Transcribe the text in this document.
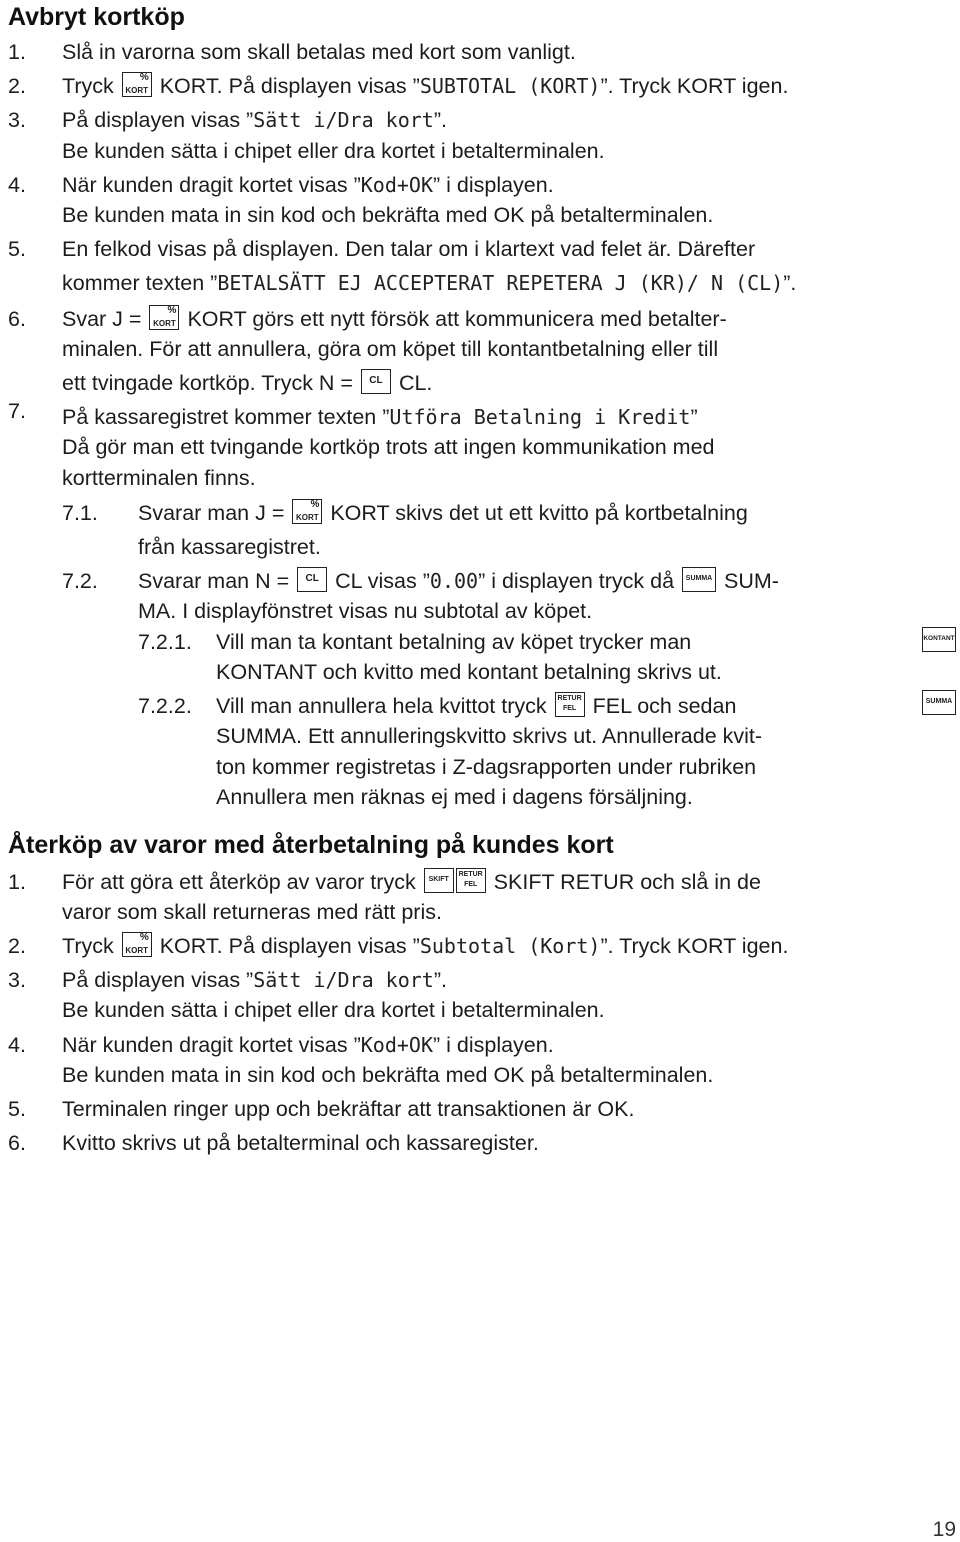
Avbryt kortköp
1. Slå in varorna som skall betalas med kort som vanligt.
2. Tryck	%
KORT KORT. På displayen visas ”SUBTOTAL (KORT)”. Tryck KORT igen.
3. På displayen visas ”Sätt i/Dra kort”.
Be kunden sätta i chipet eller dra kortet i betalterminalen.
4. När kunden dragit kortet visas ”Kod+OK” i displayen.
Be kunden mata in sin kod och bekräfta med OK på betalterminalen.
5. En felkod visas på displayen. Den talar om i klartext vad felet är. Därefter
kommer texten ”BETALSÄTT EJ ACCEPTERAT REPETERA J (KR)/ N (CL)”.
6. Svar J =	%
KORT KORT görs ett nytt försök att kommunicera med betalter-
minalen. För att annullera, göra om köpet till kontantbetalning eller till
ett tvingade kortköp. Tryck N =	CL CL.
7. På kassaregistret kommer texten ”Utföra Betalning i Kredit”
Då gör man ett tvingande kortköp trots att ingen kommunikation med
kortterminalen finns.
7.1. Svarar man J =	%
KORT KORT skivs det ut ett kvitto på kortbetalning
från kassaregistret.
7.2. Svarar man N =	CL CL visas ”0.00” i displayen tryck då	SUMMA SUM-
MA. I displayfönstret visas nu subtotal av köpet.
7.2.1. Vill man ta kontant betalning av köpet trycker man	KONTANT
KONTANT och kvitto med kontant betalning skrivs ut.
7.2.2. Vill man annullera hela kvittot tryck RETUR
FEL FEL och sedan	SUMMA
SUMMA. Ett annulleringskvitto skrivs ut. Annullerade kvit-
ton kommer registretas i Z-dagsrapporten under rubriken
Annullera men räknas ej med i dagens försäljning.
Återköp av varor med återbetalning på kundes kort
1. För att göra ett återköp av varor tryck	SKIFT
RETUR
FEL SKIFT RETUR och slå in de
varor som skall returneras med rätt pris.
2. Tryck	%
KORT KORT. På displayen visas ”Subtotal (Kort)”. Tryck KORT igen.
3. På displayen visas ”Sätt i/Dra kort”.
Be kunden sätta i chipet eller dra kortet i betalterminalen.
4. När kunden dragit kortet visas ”Kod+OK” i displayen.
Be kunden mata in sin kod och bekräfta med OK på betalterminalen.
5. Terminalen ringer upp och bekräftar att transaktionen är OK.
6. Kvitto skrivs ut på betalterminal och kassaregister.
19
